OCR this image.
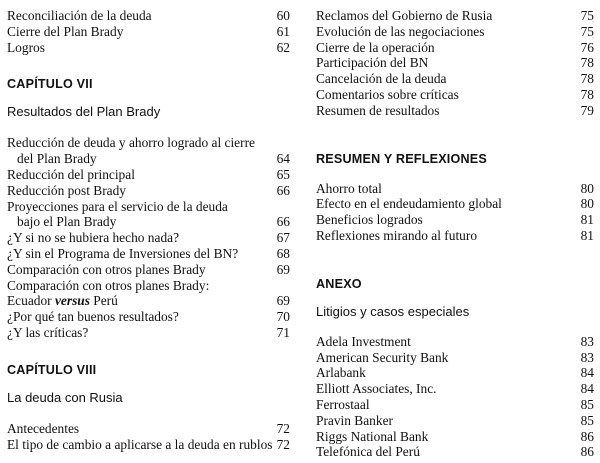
Reconciliación de la deuda	60
Cierre del Plan Brady	61
Logros	62
CAPÍTULO VII
Resultados del Plan Brady
Reducción de deuda y ahorro logrado al cierre
del Plan Brady	64
Reducción del principal	65
Reducción post Brady	66
Proyecciones para el servicio de la deuda
bajo el Plan Brady	66
¿Y si no se hubiera hecho nada?	67
¿Y sin el Programa de Inversiones del BN?	68
Comparación con otros planes Brady	69
Comparación con otros planes Brady:
Ecuador versus Perú	69
¿Por qué tan buenos resultados?	70
¿Y las críticas?	71
CAPÍTULO VIII
La deuda con Rusia
Antecedentes	72
El tipo de cambio a aplicarse a la deuda en rublos 72
Reclamos del Gobierno de Rusia	75
Evolución de las negociaciones	75
Cierre de la operación	76
Participación del BN	78
Cancelación de la deuda	78
Comentarios sobre críticas	78
Resumen de resultados	79
RESUMEN Y REFLEXIONES
Ahorro total	80
Efecto en el endeudamiento global	80
Beneficios logrados	81
Reflexiones mirando al futuro	81
ANEXO
Litigios y casos especiales
Adela Investment	83
American Security Bank	83
Arlabank	84
Elliott Associates, Inc.	84
Ferrostaal	85
Pravin Banker	85
Riggs National Bank	86
Telefónica del Perú	86
